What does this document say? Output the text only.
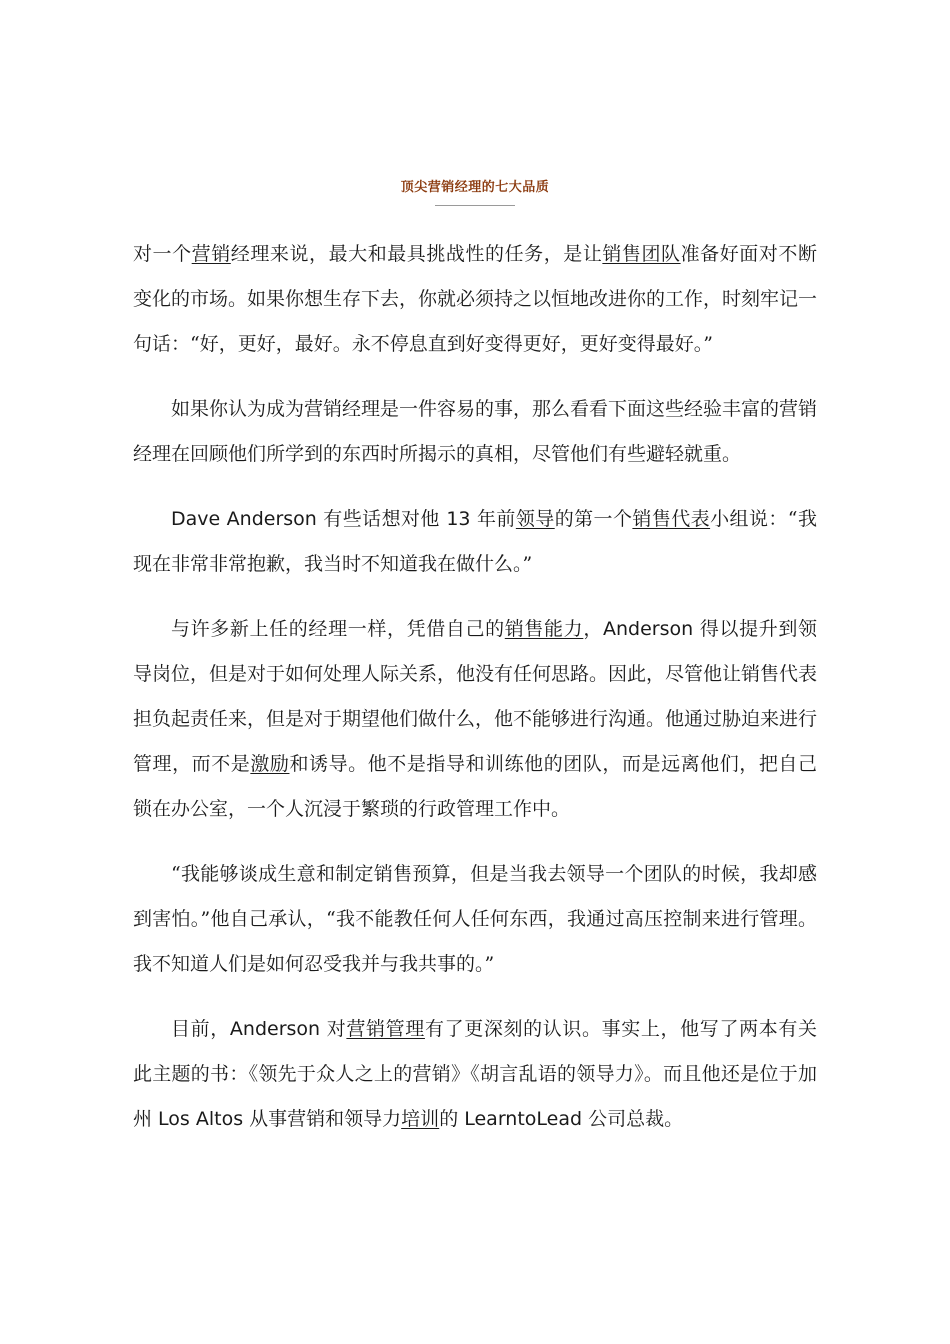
顶尖营销经理的七大品质

对一个营销经理来说，最大和最具挑战性的任务，是让销售团队准备好面对不断变化的市场。如果你想生存下去，你就必须持之以恒地改进你的工作，时刻牢记一句话：“好，更好，最好。永不停息直到好变得更好，更好变得最好。”

如果你认为成为营销经理是一件容易的事，那么看看下面这些经验丰富的营销经理在回顾他们所学到的东西时所揭示的真相，尽管他们有些避轻就重。

Dave Anderson 有些话想对他 13 年前领导的第一个销售代表小组说：“我现在非常非常抱歉，我当时不知道我在做什么。”

与许多新上任的经理一样，凭借自己的销售能力，Anderson 得以提升到领导岗位，但是对于如何处理人际关系，他没有任何思路。因此，尽管他让销售代表担负起责任来，但是对于期望他们做什么，他不能够进行沟通。他通过胁迫来进行管理，而不是激励和诱导。他不是指导和训练他的团队，而是远离他们，把自己锁在办公室，一个人沉浸于繁琐的行政管理工作中。

“我能够谈成生意和制定销售预算，但是当我去领导一个团队的时候，我却感到害怕。”他自己承认，“我不能教任何人任何东西，我通过高压控制来进行管理。我不知道人们是如何忍受我并与我共事的。”

目前，Anderson 对营销管理有了更深刻的认识。事实上，他写了两本有关此主题的书：《领先于众人之上的营销》《胡言乱语的领导力》。而且他还是位于加州 Los Altos 从事营销和领导力培训的 LearntoLead 公司总裁。
